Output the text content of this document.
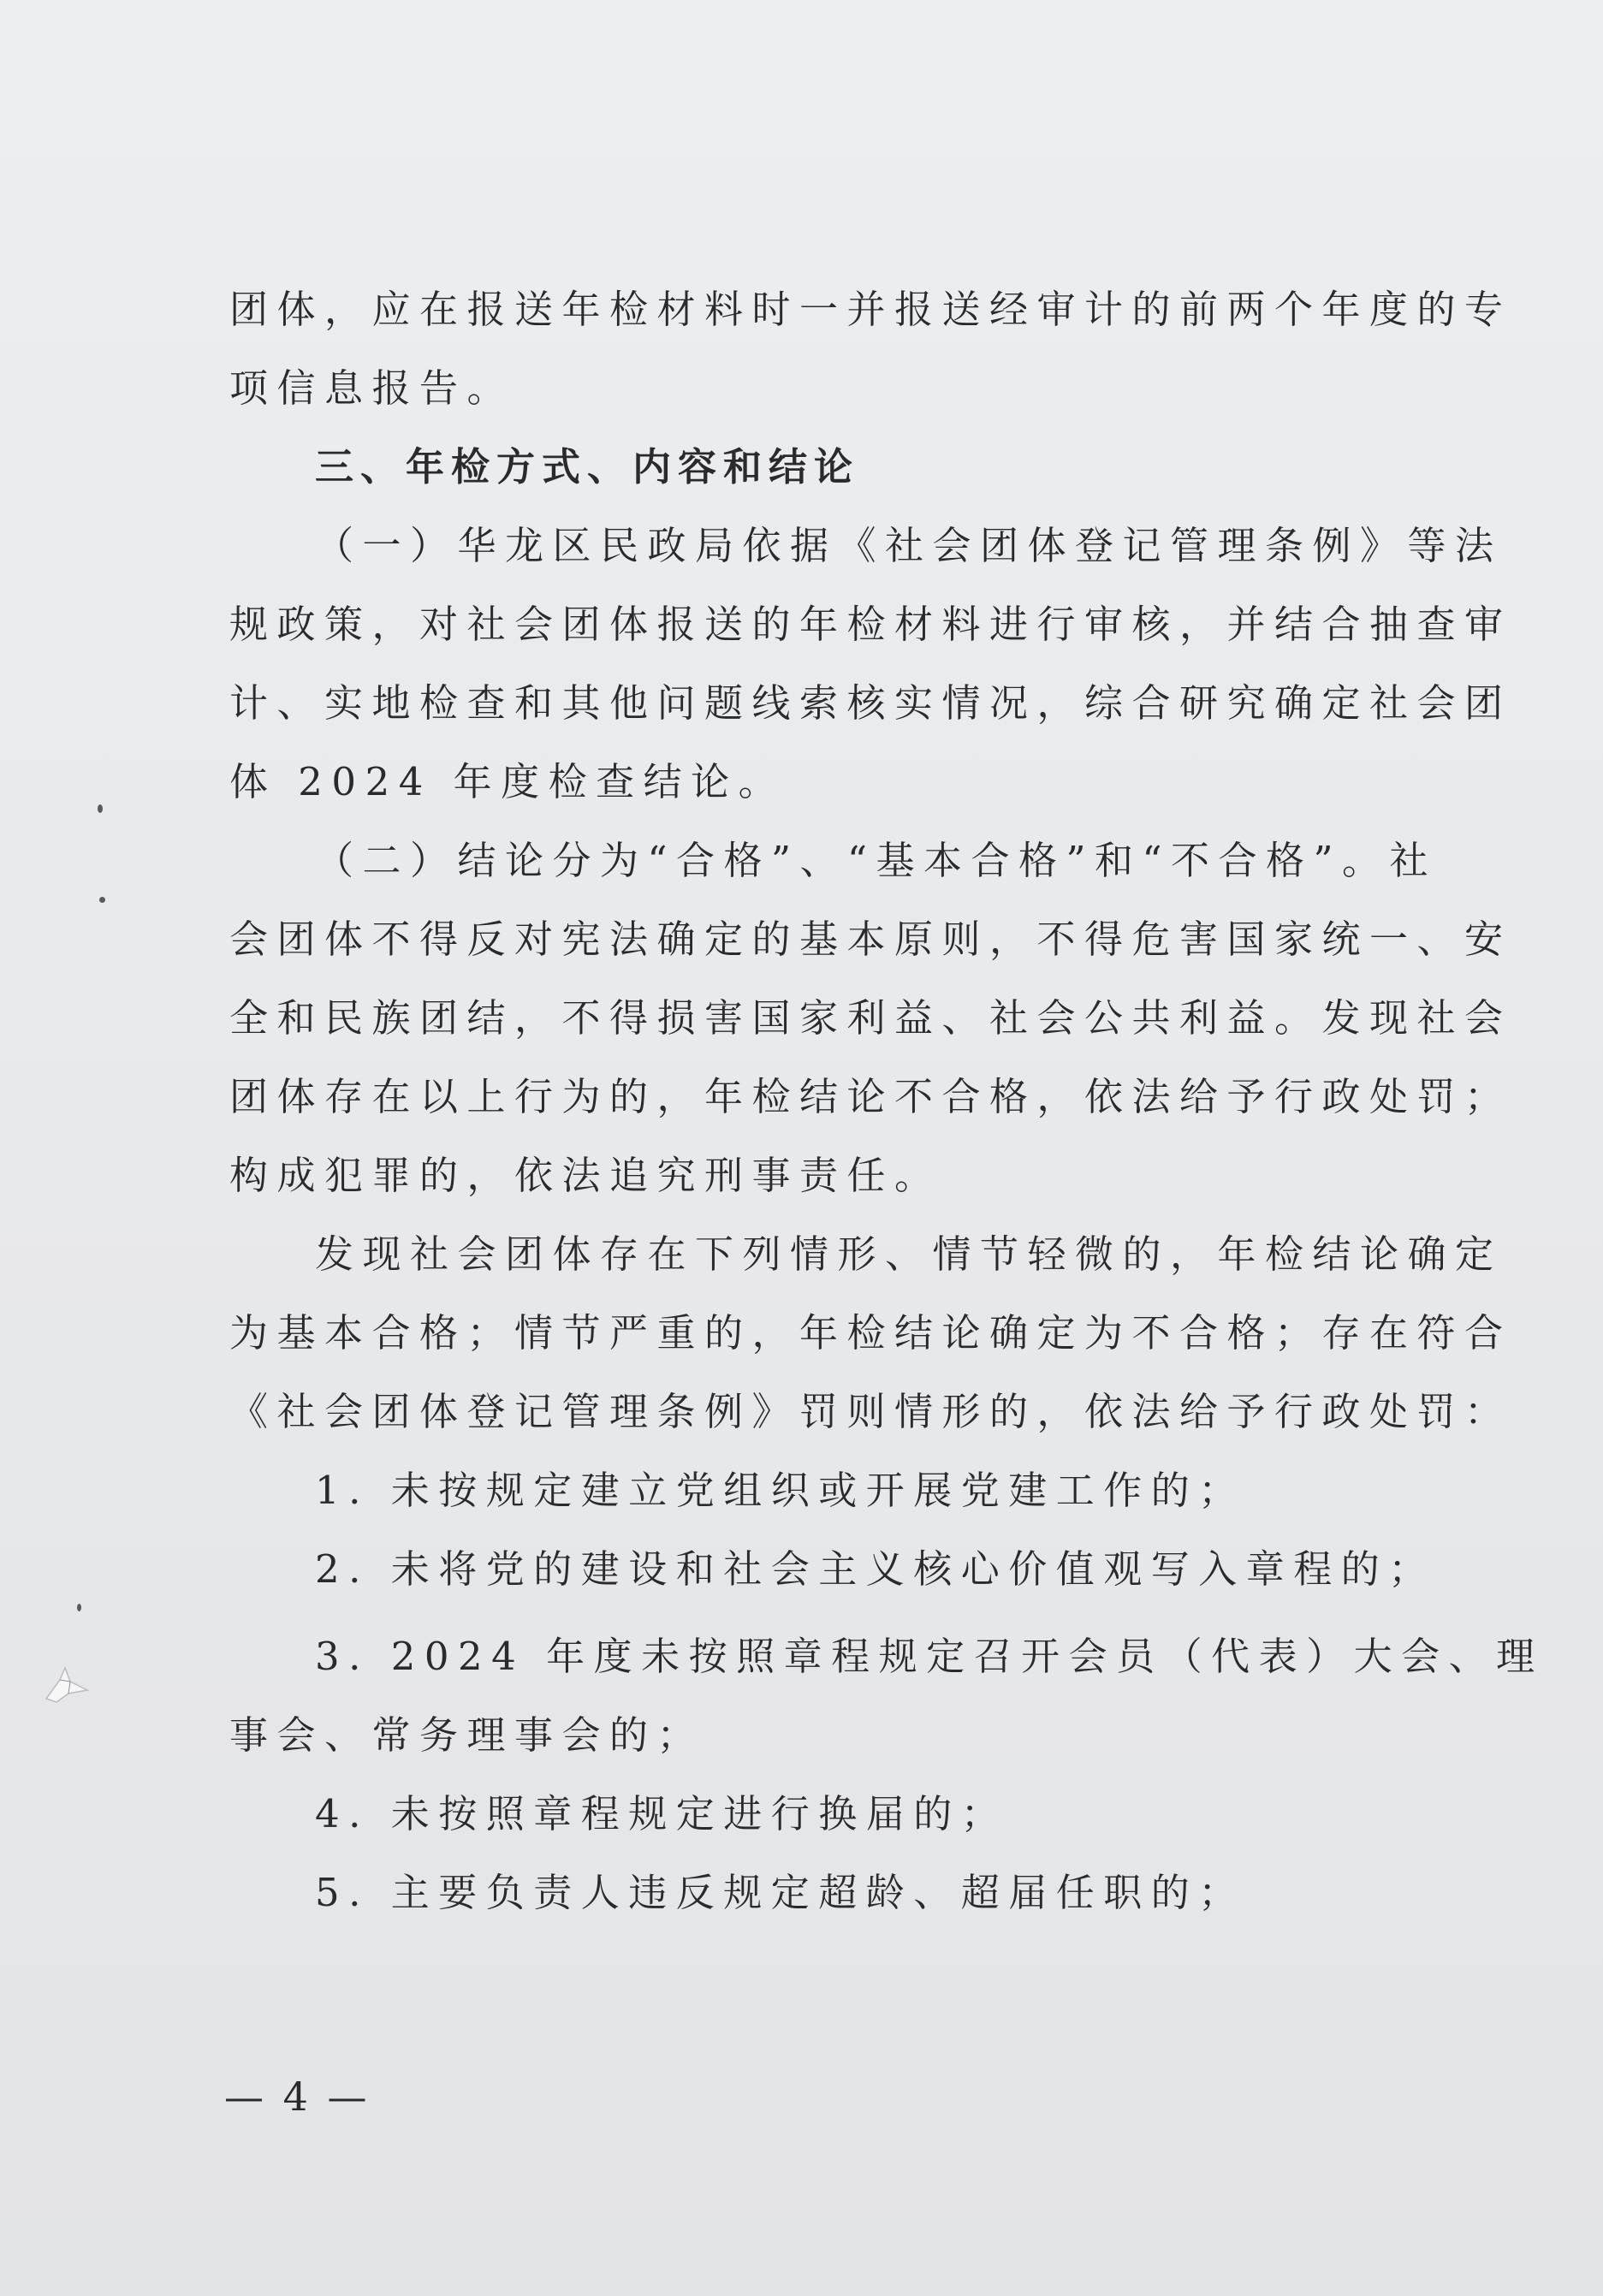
团体，应在报送年检材料时一并报送经审计的前两个年度的专
项信息报告。
三、年检方式、内容和结论
（一）华龙区民政局依据《社会团体登记管理条例》等法
规政策，对社会团体报送的年检材料进行审核，并结合抽查审
计、实地检查和其他问题线索核实情况，综合研究确定社会团
体 2024 年度检查结论。
（二）结论分为“合格”、“基本合格”和“不合格”。社
会团体不得反对宪法确定的基本原则，不得危害国家统一、安
全和民族团结，不得损害国家利益、社会公共利益。发现社会
团体存在以上行为的，年检结论不合格，依法给予行政处罚；
构成犯罪的，依法追究刑事责任。
发现社会团体存在下列情形、情节轻微的，年检结论确定
为基本合格；情节严重的，年检结论确定为不合格；存在符合
《社会团体登记管理条例》罚则情形的，依法给予行政处罚：
1. 未按规定建立党组织或开展党建工作的；
2. 未将党的建设和社会主义核心价值观写入章程的；
3. 2024 年度未按照章程规定召开会员（代表）大会、理
事会、常务理事会的；
4. 未按照章程规定进行换届的；
5. 主要负责人违反规定超龄、超届任职的；
— 4 —
